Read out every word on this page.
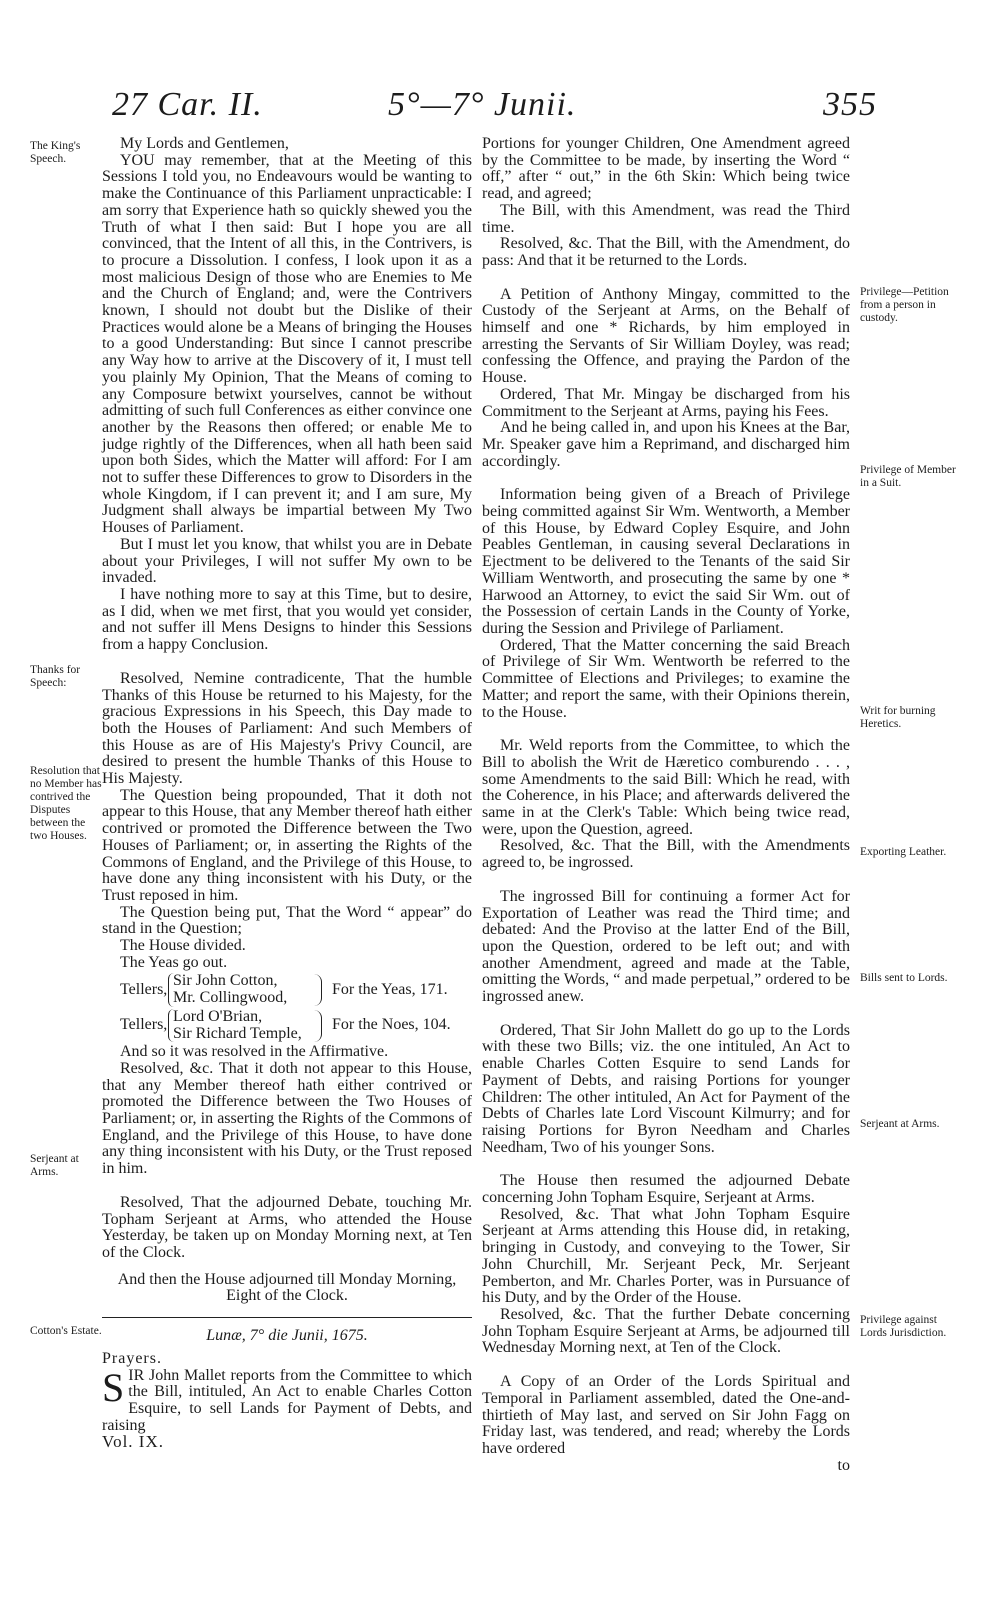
27 Car. II.	5°—7° Junii.	355
The King's Speech.
Thanks for Speech:
Resolution that no Member has contrived the Disputes between the two Houses.
Serjeant at Arms.
Cotton's Estate.
Privilege—Petition from a person in custody.
Privilege of Member in a Suit.
Writ for burning Heretics.
Exporting Leather.
Bills sent to Lords.
Serjeant at Arms.
Privilege against Lords Jurisdiction.

My Lords and Gentlemen,

YOU may remember, that at the Meeting of this Sessions I told you, no Endeavours would be wanting to make the Continuance of this Parliament unpracticable: I am sorry that Experience hath so quickly shewed you the Truth of what I then said: But I hope you are all convinced, that the Intent of all this, in the Contrivers, is to procure a Dissolution. I confess, I look upon it as a most malicious Design of those who are Enemies to Me and the Church of England; and, were the Contrivers known, I should not doubt but the Dislike of their Practices would alone be a Means of bringing the Houses to a good Understanding: But since I cannot prescribe any Way how to arrive at the Discovery of it, I must tell you plainly My Opinion, That the Means of coming to any Composure betwixt yourselves, cannot be without admitting of such full Conferences as either convince one another by the Reasons then offered; or enable Me to judge rightly of the Differences, when all hath been said upon both Sides, which the Matter will afford: For I am not to suffer these Differences to grow to Disorders in the whole Kingdom, if I can prevent it; and I am sure, My Judgment shall always be impartial between My Two Houses of Parliament.

But I must let you know, that whilst you are in Debate about your Privileges, I will not suffer My own to be invaded.

I have nothing more to say at this Time, but to desire, as I did, when we met first, that you would yet consider, and not suffer ill Mens Designs to hinder this Sessions from a happy Conclusion.

Resolved, Nemine contradicente, That the humble Thanks of this House be returned to his Majesty, for the gracious Expressions in his Speech, this Day made to both the Houses of Parliament: And such Members of this House as are of His Majesty's Privy Council, are desired to present the humble Thanks of this House to His Majesty.

The Question being propounded, That it doth not appear to this House, that any Member thereof hath either contrived or promoted the Difference between the Two Houses of Parliament; or, in asserting the Rights of the Commons of England, and the Privilege of this House, to have done any thing inconsistent with his Duty, or the Trust reposed in him.

The Question being put, That the Word “ appear” do stand in the Question;

The House divided.

The Yeas go out.

Tellers, Sir John Cotton,
Mr. Collingwood,	For the Yeas, 171.
Tellers, Lord O'Brian,
Sir Richard Temple,	For the Noes, 104.

And so it was resolved in the Affirmative.

Resolved, &c. That it doth not appear to this House, that any Member thereof hath either contrived or promoted the Difference between the Two Houses of Parliament; or, in asserting the Rights of the Commons of England, and the Privilege of this House, to have done any thing inconsistent with his Duty, or the Trust reposed in him.

Resolved, That the adjourned Debate, touching Mr. Topham Serjeant at Arms, who attended the House Yesterday, be taken up on Monday Morning next, at Ten of the Clock.

And then the House adjourned till Monday Morning, Eight of the Clock.

Lunæ, 7° die Junii, 1675.

Prayers.

S IR John Mallet reports from the Committee to which the Bill, intituled, An Act to enable Charles Cotton Esquire, to sell Lands for Payment of Debts, and raising

Vol. IX.

Portions for younger Children, One Amendment agreed by the Committee to be made, by inserting the Word “ off,” after “ out,” in the 6th Skin: Which being twice read, and agreed;

The Bill, with this Amendment, was read the Third time.

Resolved, &c. That the Bill, with the Amendment, do pass: And that it be returned to the Lords.

A Petition of Anthony Mingay, committed to the Custody of the Serjeant at Arms, on the Behalf of himself and one * Richards, by him employed in arresting the Servants of Sir William Doyley, was read; confessing the Offence, and praying the Pardon of the House.

Ordered, That Mr. Mingay be discharged from his Commitment to the Serjeant at Arms, paying his Fees.

And he being called in, and upon his Knees at the Bar, Mr. Speaker gave him a Reprimand, and discharged him accordingly.

Information being given of a Breach of Privilege being committed against Sir Wm. Wentworth, a Member of this House, by Edward Copley Esquire, and John Peables Gentleman, in causing several Declarations in Ejectment to be delivered to the Tenants of the said Sir William Wentworth, and prosecuting the same by one * Harwood an Attorney, to evict the said Sir Wm. out of the Possession of certain Lands in the County of Yorke, during the Session and Privilege of Parliament.

Ordered, That the Matter concerning the said Breach of Privilege of Sir Wm. Wentworth be referred to the Committee of Elections and Privileges; to examine the Matter; and report the same, with their Opinions therein, to the House.

Mr. Weld reports from the Committee, to which the Bill to abolish the Writ de Hæretico comburendo . . . , some Amendments to the said Bill: Which he read, with the Coherence, in his Place; and afterwards delivered the same in at the Clerk's Table: Which being twice read, were, upon the Question, agreed.

Resolved, &c. That the Bill, with the Amendments agreed to, be ingrossed.

The ingrossed Bill for continuing a former Act for Exportation of Leather was read the Third time; and debated: And the Proviso at the latter End of the Bill, upon the Question, ordered to be left out; and with another Amendment, agreed and made at the Table, omitting the Words, “ and made perpetual,” ordered to be ingrossed anew.

Ordered, That Sir John Mallett do go up to the Lords with these two Bills; viz. the one intituled, An Act to enable Charles Cotten Esquire to send Lands for Payment of Debts, and raising Portions for younger Children: The other intituled, An Act for Payment of the Debts of Charles late Lord Viscount Kilmurry; and for raising Portions for Byron Needham and Charles Needham, Two of his younger Sons.

The House then resumed the adjourned Debate concerning John Topham Esquire, Serjeant at Arms.

Resolved, &c. That what John Topham Esquire Serjeant at Arms attending this House did, in retaking, bringing in Custody, and conveying to the Tower, Sir John Churchill, Mr. Serjeant Peck, Mr. Serjeant Pemberton, and Mr. Charles Porter, was in Pursuance of his Duty, and by the Order of the House.

Resolved, &c. That the further Debate concerning John Topham Esquire Serjeant at Arms, be adjourned till Wednesday Morning next, at Ten of the Clock.

A Copy of an Order of the Lords Spiritual and Temporal in Parliament assembled, dated the One-and-thirtieth of May last, and served on Sir John Fagg on Friday last, was tendered, and read; whereby the Lords have ordered

to
